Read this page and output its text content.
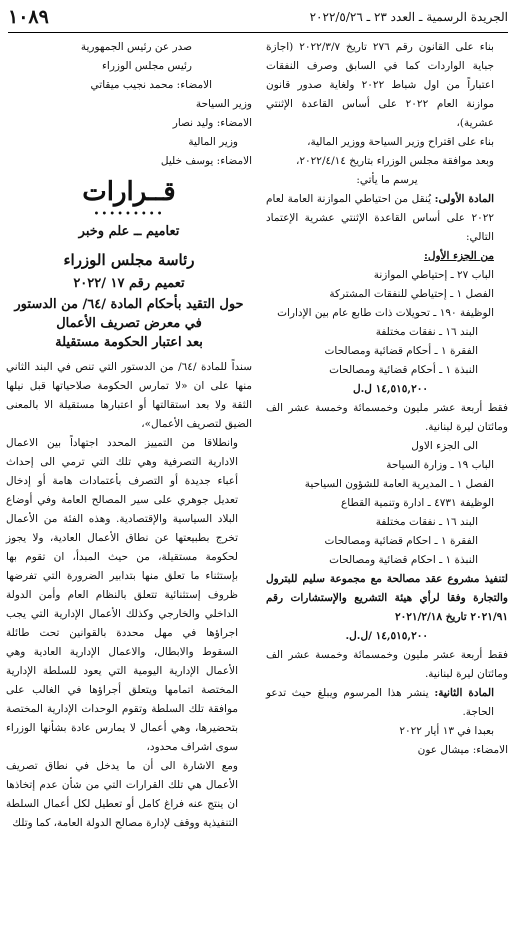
١٠٨٩	الجريدة الرسمية ـ العدد ٢٣ ـ ٢٠٢٢/٥/٢٦

بناء على القانون رقم ٢٧٦ تاريخ ٢٠٢٢/٣/٧ (اجازة جباية الواردات كما في السابق وصرف النفقات اعتباراً من اول شباط ٢٠٢٢ ولغاية صدور قانون موازنة العام ٢٠٢٢ على أساس القاعدة الإثنتي عشرية)،

بناء على اقتراح وزير السياحة ووزير المالية،

وبعد موافقة مجلس الوزراء بتاريخ ٢٠٢٢/٤/١٤،

يرسم ما يأتي:

المادة الأولى: يُنقل من احتياطي الموازنة العامة لعام ٢٠٢٢ على أساس القاعدة الإثنتي عشرية الإعتماد التالي:

من الجزء الأول:

الباب ٢٧ ـ إحتياطي الموازنة

الفصل ١ ـ إحتياطي للنفقات المشتركة

الوظيفة ١٩٠ ـ تحويلات ذات طابع عام بين الإدارات

البند ١٦ ـ نفقات مختلفة

الفقرة ١ ـ أحكام قضائية ومصالحات

النبذة ١ ـ أحكام قضائية ومصالحات

١٤,٥١٥,٢٠٠ ل.ل

فقط أربعة عشر مليون وخمسمائة وخمسة عشر الف ومائتان ليرة لبنانية.

الى الجزء الاول

الباب ١٩ ـ وزارة السياحة

الفصل ١ ـ المديرية العامة للشؤون السياحية

الوظيفة ٤٧٣١ ـ ادارة وتنمية القطاع

البند ١٦ ـ نفقات مختلفة

الفقرة ١ ـ احكام قضائية ومصالحات

النبذة ١ ـ احكام قضائية ومصالحات

لتنفيذ مشروع عقد مصالحة مع مجموعة سليم للبترول والتجارة وفقا لرأي هيئة التشريع والإستشارات رقم ٢٠٢١/٩١ تاريخ ٢٠٢١/٢/١٨

١٤,٥١٥,٢٠٠ /ل.ل.

فقط أربعة عشر مليون وخمسمائة وخمسة عشر الف ومائتان ليرة لبنانية.

المادة الثانية: ينشر هذا المرسوم ويبلغ حيث تدعو الحاجة.

بعبدا في ١٣ أيار ٢٠٢٢

الامضاء: ميشال عون

صدر عن رئيس الجمهورية

رئيس مجلس الوزراء

الامضاء: محمد نجيب ميقاتي

وزير السياحة

الامضاء: وليد نصار

وزير المالية

الامضاء: يوسف خليل

قــرارات
•••••••••
تعاميم ــ علم وخبر
رئاسة مجلس الوزراء
تعميم رقم ١٧ /٢٠٢٢
حول التقيد بأحكام المادة /٦٤/ من الدستور
في معرض تصريف الأعمال
بعد اعتبار الحكومة مستقيلة

سنداً للمادة /٦٤/ من الدستور التي تنص في البند الثاني منها على ان «لا تمارس الحكومة صلاحياتها قبل نيلها الثقة ولا بعد استقالتها أو اعتبارها مستقيلة الا بالمعنى الضيق لتصريف الأعمال»،

وانطلاقا من التمييز المحدد اجتهاداً بين الاعمال الادارية التصرفية وهي تلك التي ترمي الى إحداث أعباء جديدة أو التصرف بأعتمادات هامة أو إدخال تعديل جوهري على سير المصالح العامة وفي أوضاع البلاد السياسية والإقتصادية. وهذه الفئة من الأعمال تخرج بطبيعتها عن نطاق الأعمال العادية، ولا يجوز لحكومة مستقيلة، من حيث المبدأ، ان تقوم بها بإستثناء ما تعلق منها بتدابير الضرورة التي تفرضها ظروف إستثنائية تتعلق بالنظام العام وأمن الدولة الداخلي والخارجي وكذلك الأعمال الإدارية التي يجب اجراؤها في مهل محددة بالقوانين تحت طائلة السقوط والابطال، والاعمال الإدارية العادية وهي الأعمال الإدارية اليومية التي يعود للسلطة الإدارية المختصة اتمامها ويتعلق أجراؤها في الغالب على موافقة تلك السلطة وتقوم الوحدات الإدارية المختصة بتحضيرها، وهي أعمال لا يمارس عادة بشأنها الوزراء سوى اشراف محدود،

ومع الاشارة الى أن ما يدخل في نطاق تصريف الأعمال هي تلك القرارات التي من شأن عدم إتخاذها ان ينتج عنه فراغ كامل أو تعطيل لكل أعمال السلطة التنفيذية ووقف لإدارة مصالح الدولة العامة، كما وتلك
